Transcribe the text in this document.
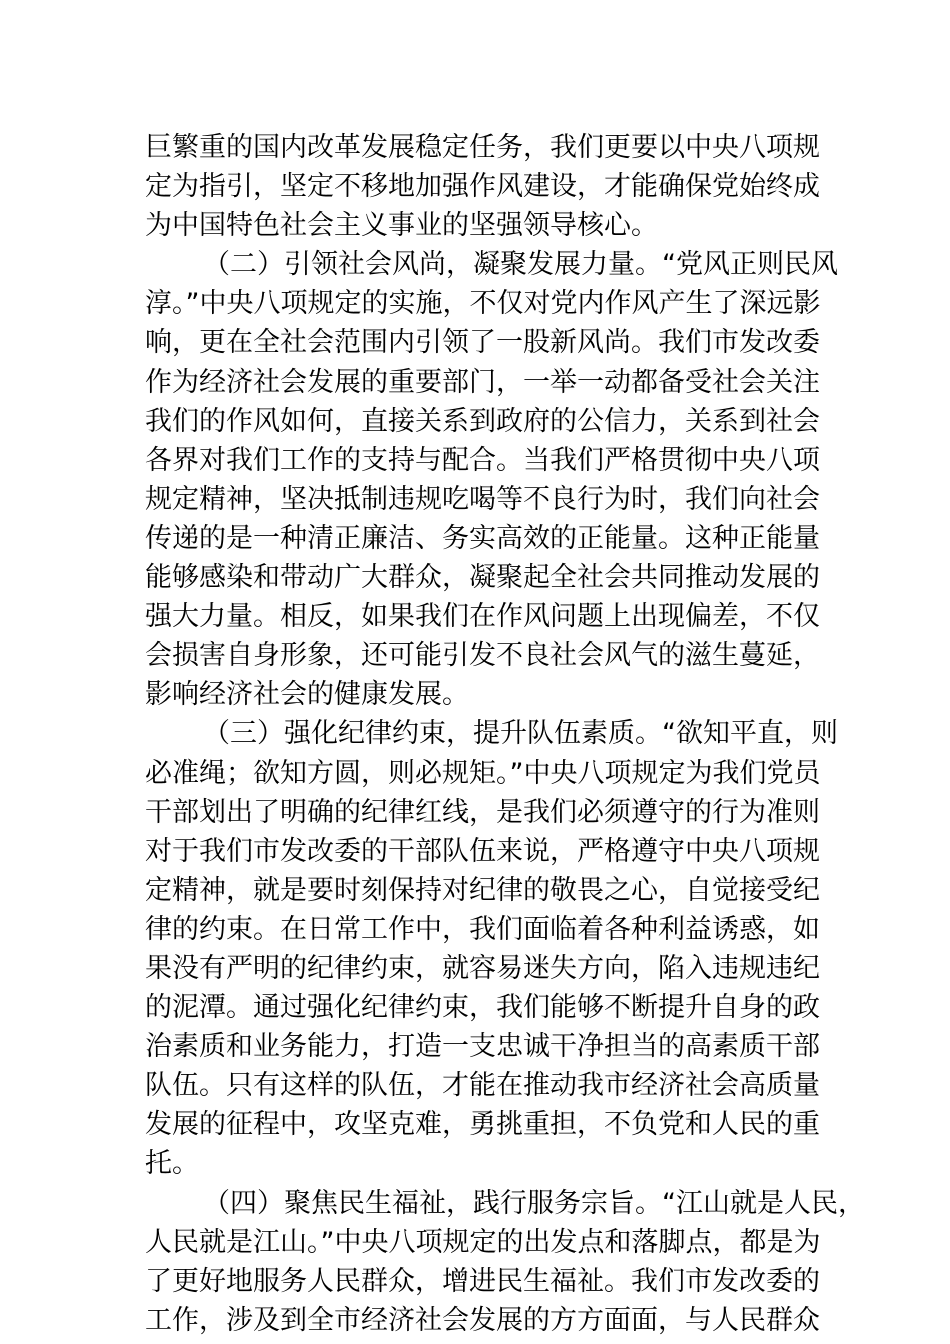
巨繁重的国内改革发展稳定任务，我们更要以中央八项规
定为指引，坚定不移地加强作风建设，才能确保党始终成
为中国特色社会主义事业的坚强领导核心。
（二）引领社会风尚，凝聚发展力量。“党风正则民风
淳。”中央八项规定的实施，不仅对党内作风产生了深远影
响，更在全社会范围内引领了一股新风尚。我们市发改委
作为经济社会发展的重要部门，一举一动都备受社会关注
我们的作风如何，直接关系到政府的公信力，关系到社会
各界对我们工作的支持与配合。当我们严格贯彻中央八项
规定精神，坚决抵制违规吃喝等不良行为时，我们向社会
传递的是一种清正廉洁、务实高效的正能量。这种正能量
能够感染和带动广大群众，凝聚起全社会共同推动发展的
强大力量。相反，如果我们在作风问题上出现偏差，不仅
会损害自身形象，还可能引发不良社会风气的滋生蔓延，
影响经济社会的健康发展。
（三）强化纪律约束，提升队伍素质。“欲知平直，则
必准绳；欲知方圆，则必规矩。”中央八项规定为我们党员
干部划出了明确的纪律红线，是我们必须遵守的行为准则
对于我们市发改委的干部队伍来说，严格遵守中央八项规
定精神，就是要时刻保持对纪律的敬畏之心，自觉接受纪
律的约束。在日常工作中，我们面临着各种利益诱惑，如
果没有严明的纪律约束，就容易迷失方向，陷入违规违纪
的泥潭。通过强化纪律约束，我们能够不断提升自身的政
治素质和业务能力，打造一支忠诚干净担当的高素质干部
队伍。只有这样的队伍，才能在推动我市经济社会高质量
发展的征程中，攻坚克难，勇挑重担，不负党和人民的重
托。
（四）聚焦民生福祉，践行服务宗旨。“江山就是人民，
人民就是江山。”中央八项规定的出发点和落脚点，都是为
了更好地服务人民群众，增进民生福祉。我们市发改委的
工作，涉及到全市经济社会发展的方方面面，与人民群众
